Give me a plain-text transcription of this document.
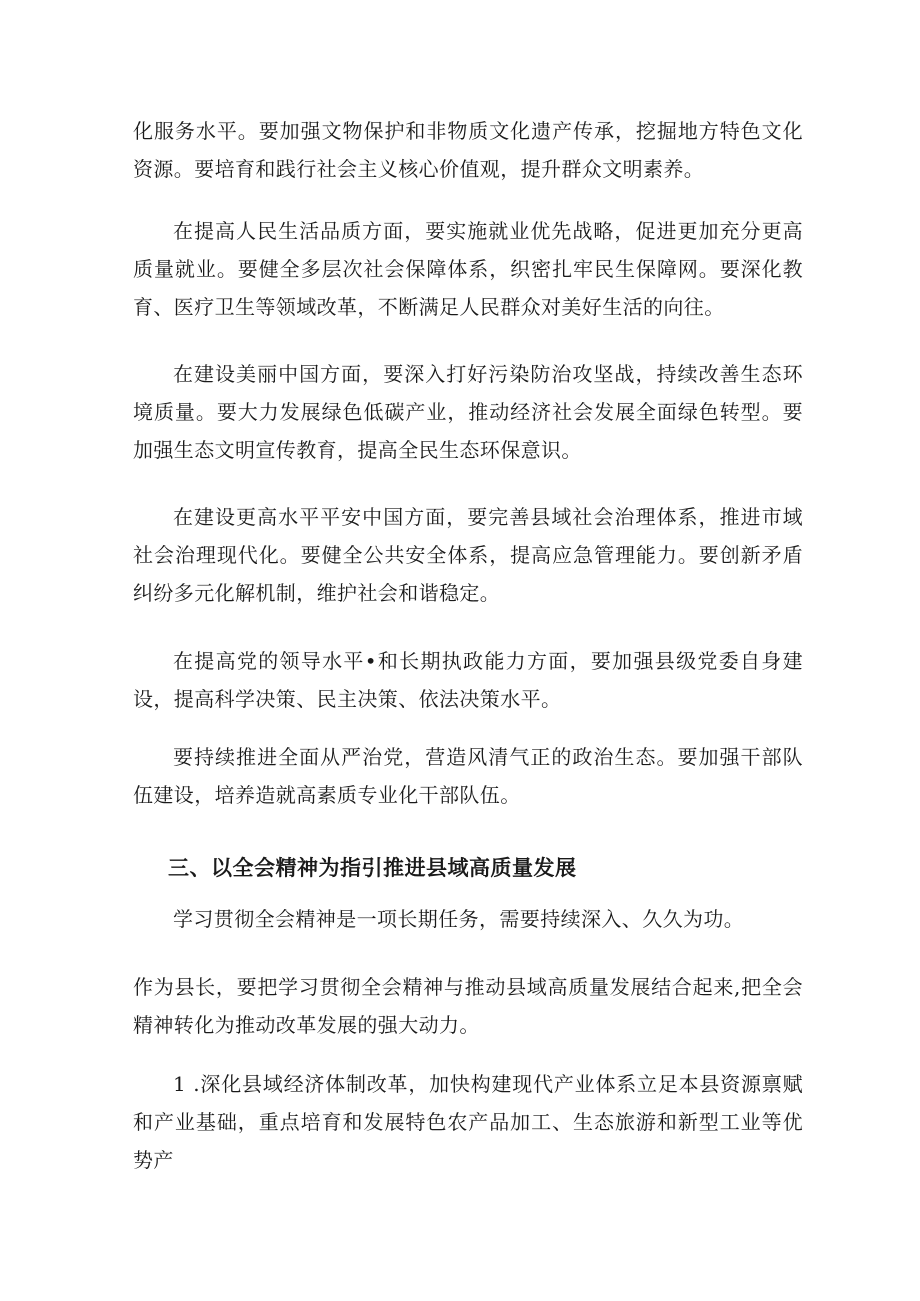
化服务水平。要加强文物保护和非物质文化遗产传承，挖掘地方特色文化资源。要培育和践行社会主义核心价值观，提升群众文明素养。

在提高人民生活品质方面，要实施就业优先战略，促进更加充分更高质量就业。要健全多层次社会保障体系，织密扎牢民生保障网。要深化教育、医疗卫生等领域改革，不断满足人民群众对美好生活的向往。

在建设美丽中国方面，要深入打好污染防治攻坚战，持续改善生态环境质量。要大力发展绿色低碳产业，推动经济社会发展全面绿色转型。要加强生态文明宣传教育，提高全民生态环保意识。

在建设更高水平平安中国方面，要完善县域社会治理体系，推进市域社会治理现代化。要健全公共安全体系，提高应急管理能力。要创新矛盾纠纷多元化解机制，维护社会和谐稳定。

在提高党的领导水平•和长期执政能力方面，要加强县级党委自身建设，提高科学决策、民主决策、依法决策水平。

要持续推进全面从严治党，营造风清气正的政治生态。要加强干部队伍建设，培养造就高素质专业化干部队伍。

三、以全会精神为指引推进县域高质量发展

学习贯彻全会精神是一项长期任务，需要持续深入、久久为功。

作为县长，要把学习贯彻全会精神与推动县域高质量发展结合起来,把全会精神转化为推动改革发展的强大动力。

1 .深化县域经济体制改革，加快构建现代产业体系立足本县资源禀赋和产业基础，重点培育和发展特色农产品加工、生态旅游和新型工业等优势产
